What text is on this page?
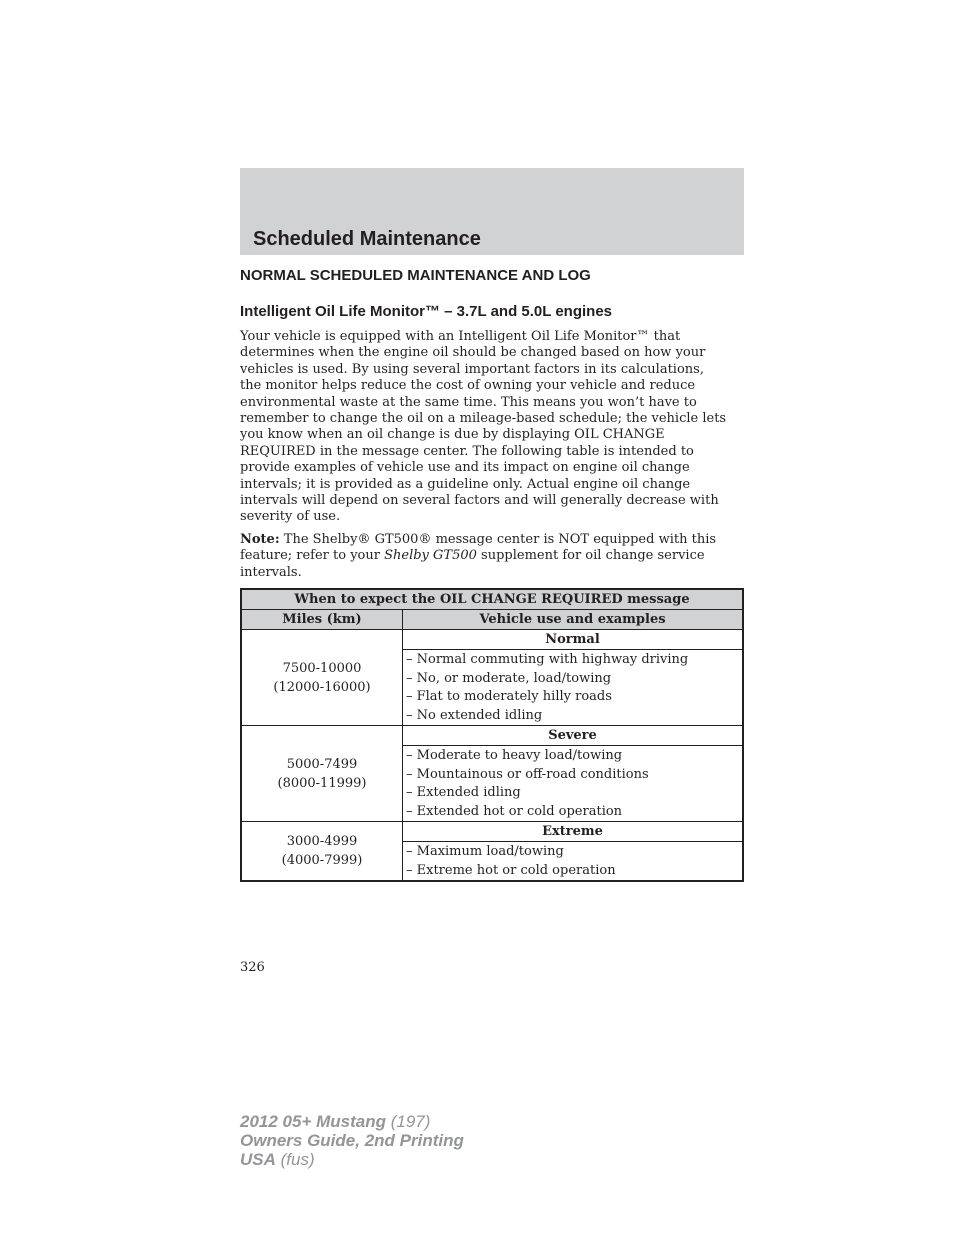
Scheduled Maintenance
NORMAL SCHEDULED MAINTENANCE AND LOG
Intelligent Oil Life Monitor™ – 3.7L and 5.0L engines
Your vehicle is equipped with an Intelligent Oil Life Monitor™ that
determines when the engine oil should be changed based on how your
vehicles is used. By using several important factors in its calculations,
the monitor helps reduce the cost of owning your vehicle and reduce
environmental waste at the same time. This means you won’t have to
remember to change the oil on a mileage-based schedule; the vehicle lets
you know when an oil change is due by displaying OIL CHANGE
REQUIRED in the message center. The following table is intended to
provide examples of vehicle use and its impact on engine oil change
intervals; it is provided as a guideline only. Actual engine oil change
intervals will depend on several factors and will generally decrease with
severity of use.
Note: The Shelby® GT500® message center is NOT equipped with this
feature; refer to your Shelby GT500 supplement for oil change service
intervals.
When to expect the OIL CHANGE REQUIRED message	
Miles (km)	Vehicle use and examples

7500-10000
(12000-16000)	Normal

	– Normal commuting with highway driving
– No, or moderate, load/towing
– Flat to moderately hilly roads
– No extended idling

5000-7499
(8000-11999)	Severe

	– Moderate to heavy load/towing
– Mountainous or off-road conditions
– Extended idling
– Extended hot or cold operation

3000-4999
(4000-7999)	Extreme

	– Maximum load/towing
– Extreme hot or cold operation
326
2012 05+ Mustang (197)
Owners Guide, 2nd Printing
USA (fus)
